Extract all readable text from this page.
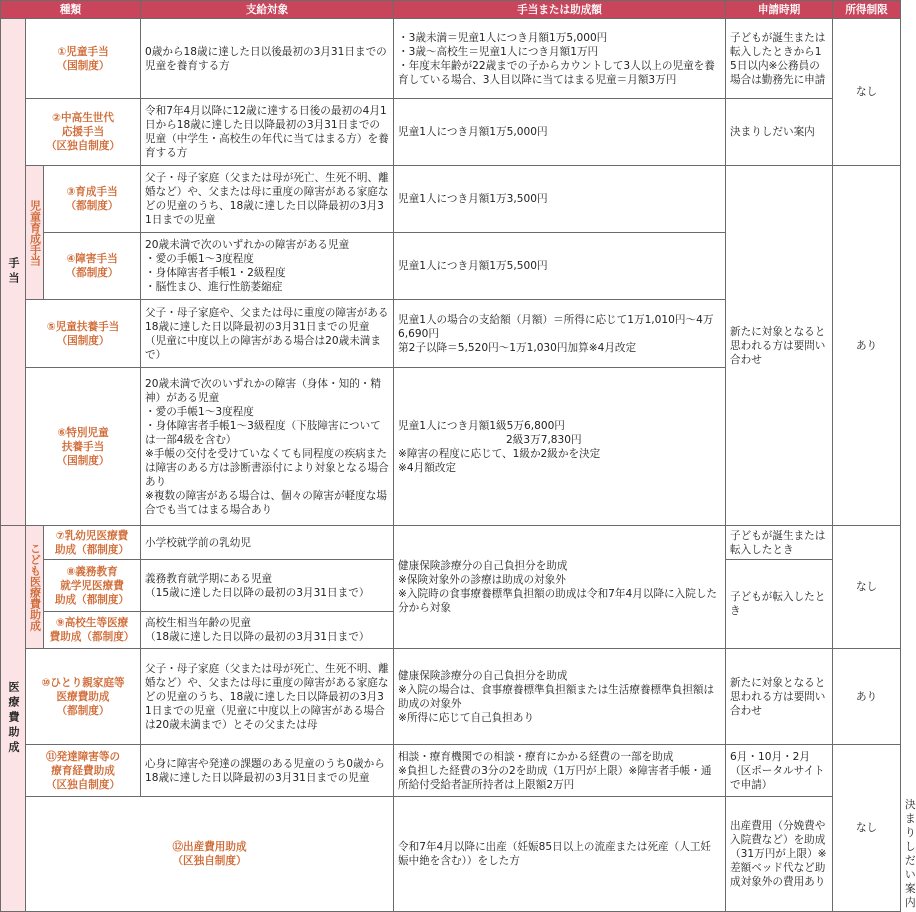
種類			支給対象	手当または助成額	申請時期	所得制限	
手当	①児童手当
（国制度）		0歳から18歳に達した日以後最初の3月31日までの児童を養育する方	・3歳未満＝児童1人につき月額1万5,000円
・3歳～高校生＝児童1人につき月額1万円
・年度末年齢が22歳までの子からカウントして3人以上の児童を養育している場合、3人目以降に当てはまる児童＝月額3万円	子どもが誕生または転入したときから15日以内※公務員の場合は勤務先に申請	なし	
	②中高生世代
応援手当
（区独自制度）		令和7年4月以降に12歳に達する日後の最初の4月1日から18歳に達した日以降最初の3月31日までの児童（中学生・高校生の年代に当てはまる方）を養育する方	児童1人につき月額1万5,000円	決まりしだい案内		
	児童育成手当	③育成手当
（都制度）	父子・母子家庭（父または母が死亡、生死不明、離婚など）や、父または母に重度の障害がある家庭などの児童のうち、18歳に達した日以降最初の3月31日までの児童	児童1人につき月額1万3,500円	新たに対象となると思われる方は要問い合わせ	あり	
		④障害手当
（都制度）	20歳未満で次のいずれかの障害がある児童
・愛の手帳1～3度程度
・身体障害者手帳1・2級程度
・脳性まひ、進行性筋萎縮症	児童1人につき月額1万5,500円			
	⑤児童扶養手当
（国制度）		父子・母子家庭や、父または母に重度の障害がある18歳に達した日以降最初の3月31日までの児童（児童に中度以上の障害がある場合は20歳未満まで）	児童1人の場合の支給額（月額）＝所得に応じて1万1,010円～4万6,690円
第2子以降＝5,520円～1万1,030円加算※4月改定			
	⑥特別児童
扶養手当
（国制度）		20歳未満で次のいずれかの障害（身体・知的・精神）がある児童
・愛の手帳1～3度程度
・身体障害者手帳1～3級程度（下肢障害については一部4級を含む）
※手帳の交付を受けていなくても同程度の疾病または障害のある方は診断書添付により対象となる場合あり
※複数の障害がある場合は、個々の障害が軽度な場合でも当てはまる場合あり	児童1人につき月額1級5万6,800円
2級3万7,830円
※障害の程度に応じて、1級か2級かを決定
※4月額改定			

医療費助成	こども医療費助成	⑦乳幼児医療費
助成（都制度）	小学校就学前の乳幼児	健康保険診療分の自己負担分を助成
※保険対象外の診療は助成の対象外
※入院時の食事療養標準負担額の助成は令和7年4月以降に入院した分から対象	子どもが誕生または転入したとき	なし	
		⑧義務教育
就学児医療費
助成（都制度）	義務教育就学期にある児童
（15歳に達した日以降の最初の3月31日まで）		子どもが転入したとき		
		⑨高校生等医療
費助成（都制度）	高校生相当年齢の児童
（18歳に達した日以降の最初の3月31日まで）				
	⑩ひとり親家庭等
医療費助成
（都制度）		父子・母子家庭（父または母が死亡、生死不明、離婚など）や、父または母に重度の障害がある家庭などの児童のうち、18歳に達した日以降最初の3月31日までの児童（児童に中度以上の障害がある場合は20歳未満まで）とその父または母	健康保険診療分の自己負担分を助成
※入院の場合は、食事療養標準負担額または生活療養標準負担額は助成の対象外
※所得に応じて自己負担あり	新たに対象となると思われる方は要問い合わせ	あり	
	⑪発達障害等の
療育経費助成
（区独自制度）		心身に障害や発達の課題のある児童のうち0歳から18歳に達した日以降最初の3月31日までの児童	相談・療育機関での相談・療育にかかる経費の一部を助成
※負担した経費の3分の2を助成（1万円が上限）※障害者手帳・通所給付受給者証所持者は上限額2万円	6月・10月・2月
（区ポータルサイトで申請）	なし	
	⑫出産費用助成
（区独自制度）			令和7年4月以降に出産（妊娠85日以上の流産または死産（人工妊娠中絶を含む））をした方	出産費用（分娩費や入院費など）を助成（31万円が上限）※差額ベッド代など助成対象外の費用あり		決まりしだい案内
